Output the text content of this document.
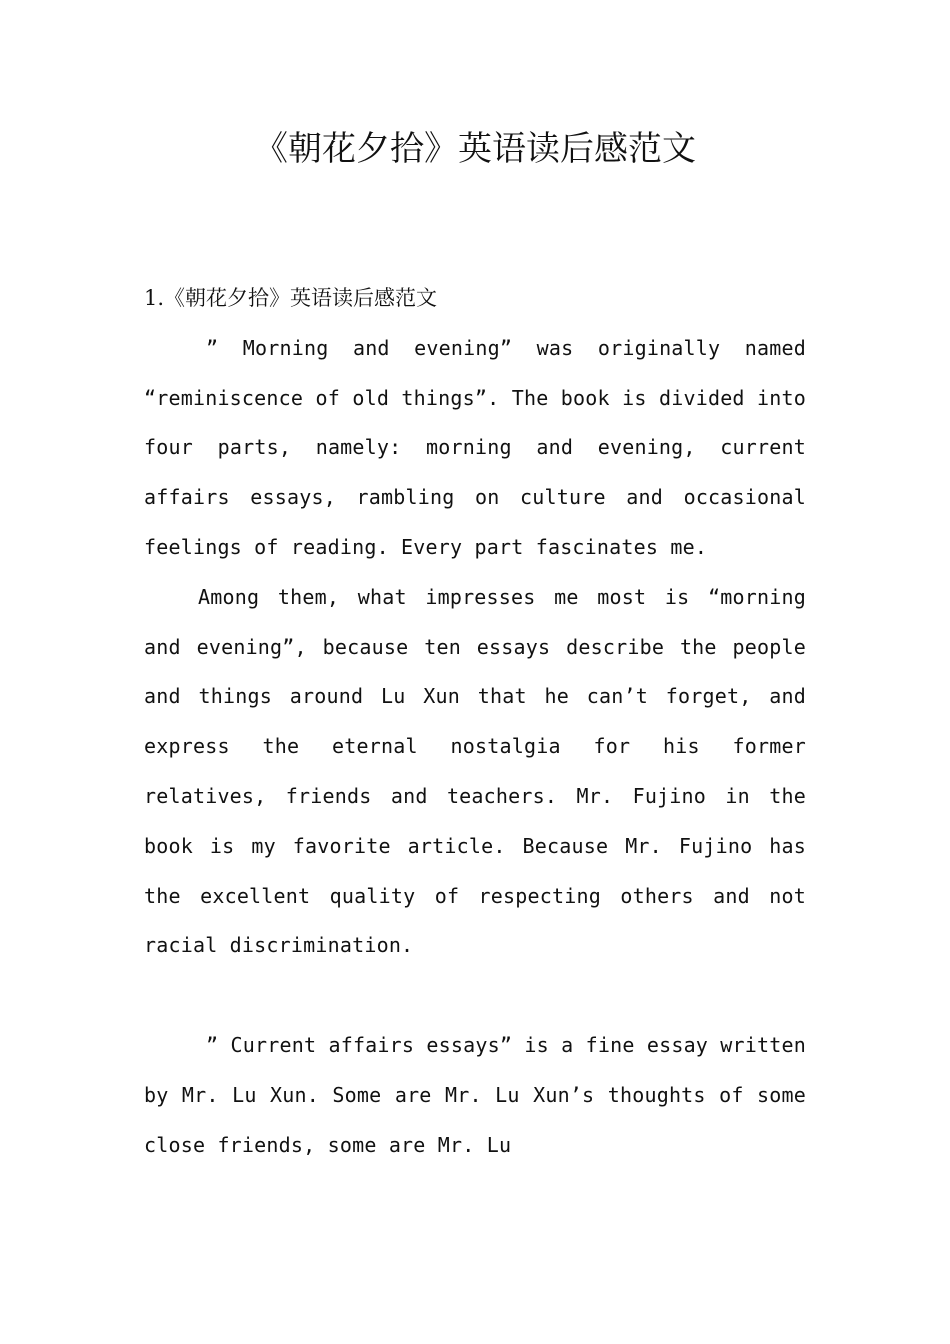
《朝花夕拾》英语读后感范文

1.《朝花夕拾》英语读后感范文

” Morning and evening” was originally named “reminiscence of old things”. The book is divided into four parts, namely: morning and evening, current affairs essays, rambling on culture and occasional feelings of reading. Every part fascinates me.

Among them, what impresses me most is “morning and evening”, because ten essays describe the people and things around Lu Xun that he can’t forget, and express the eternal nostalgia for his former relatives, friends and teachers. Mr. Fujino in the book is my favorite article. Because Mr. Fujino has the excellent quality of respecting others and not racial discrimination.

” Current affairs essays” is a fine essay written by Mr. Lu Xun. Some are Mr. Lu Xun’s thoughts of some close friends, some are Mr. Lu
